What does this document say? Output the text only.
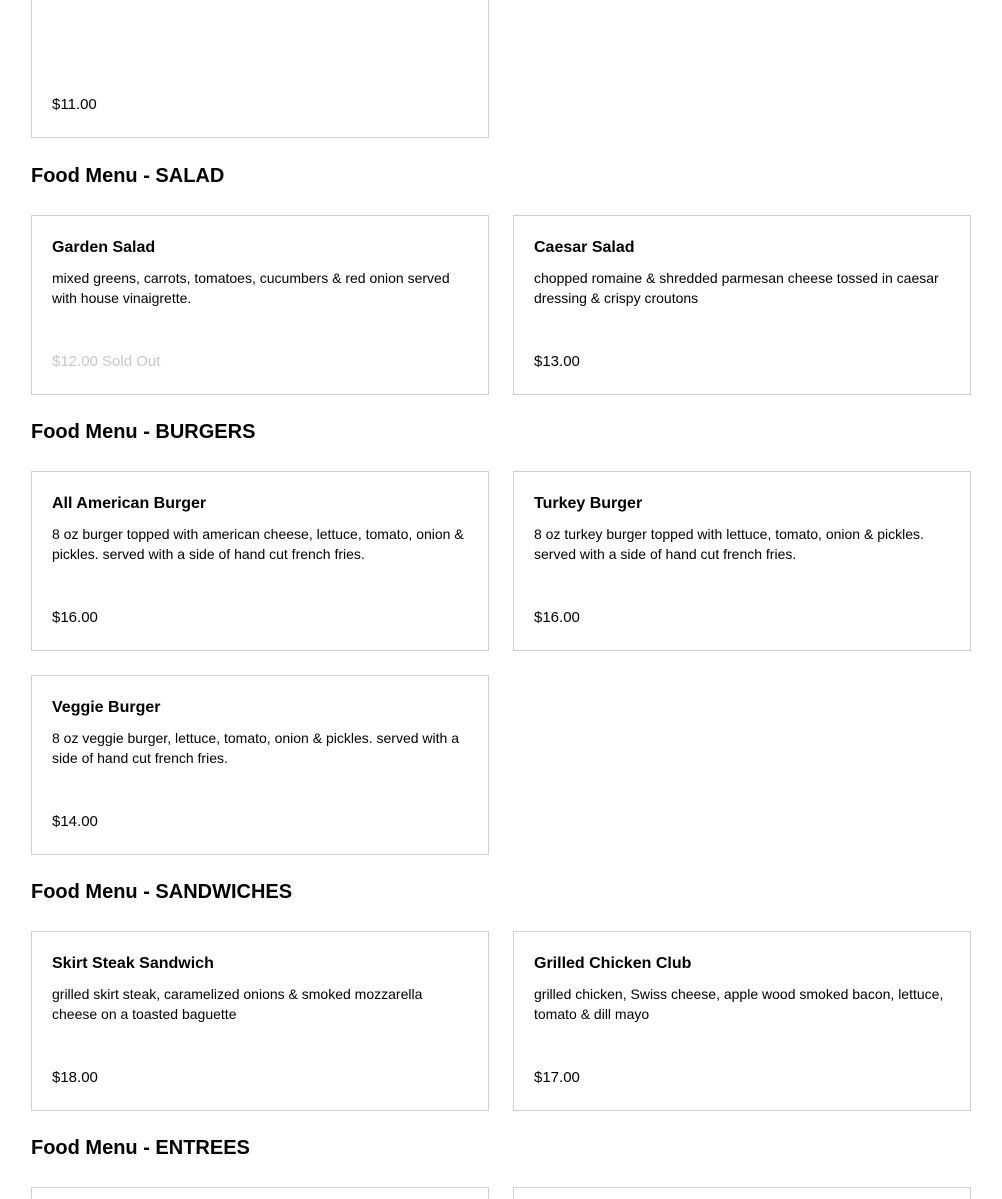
$11.00
Food Menu - SALAD
Garden Salad
mixed greens, carrots, tomatoes, cucumbers & red onion served with house vinaigrette.
$12.00 Sold Out
Caesar Salad
chopped romaine & shredded parmesan cheese tossed in caesar dressing & crispy croutons
$13.00
Food Menu - BURGERS
All American Burger
8 oz burger topped with american cheese, lettuce, tomato, onion & pickles. served with a side of hand cut french fries.
$16.00
Turkey Burger
8 oz turkey burger topped with lettuce, tomato, onion & pickles. served with a side of hand cut french fries.
$16.00
Veggie Burger
8 oz veggie burger, lettuce, tomato, onion & pickles. served with a side of hand cut french fries.
$14.00
Food Menu - SANDWICHES
Skirt Steak Sandwich
grilled skirt steak, caramelized onions & smoked mozzarella cheese on a toasted baguette
$18.00
Grilled Chicken Club
grilled chicken, Swiss cheese, apple wood smoked bacon, lettuce, tomato & dill mayo
$17.00
Food Menu - ENTREES
